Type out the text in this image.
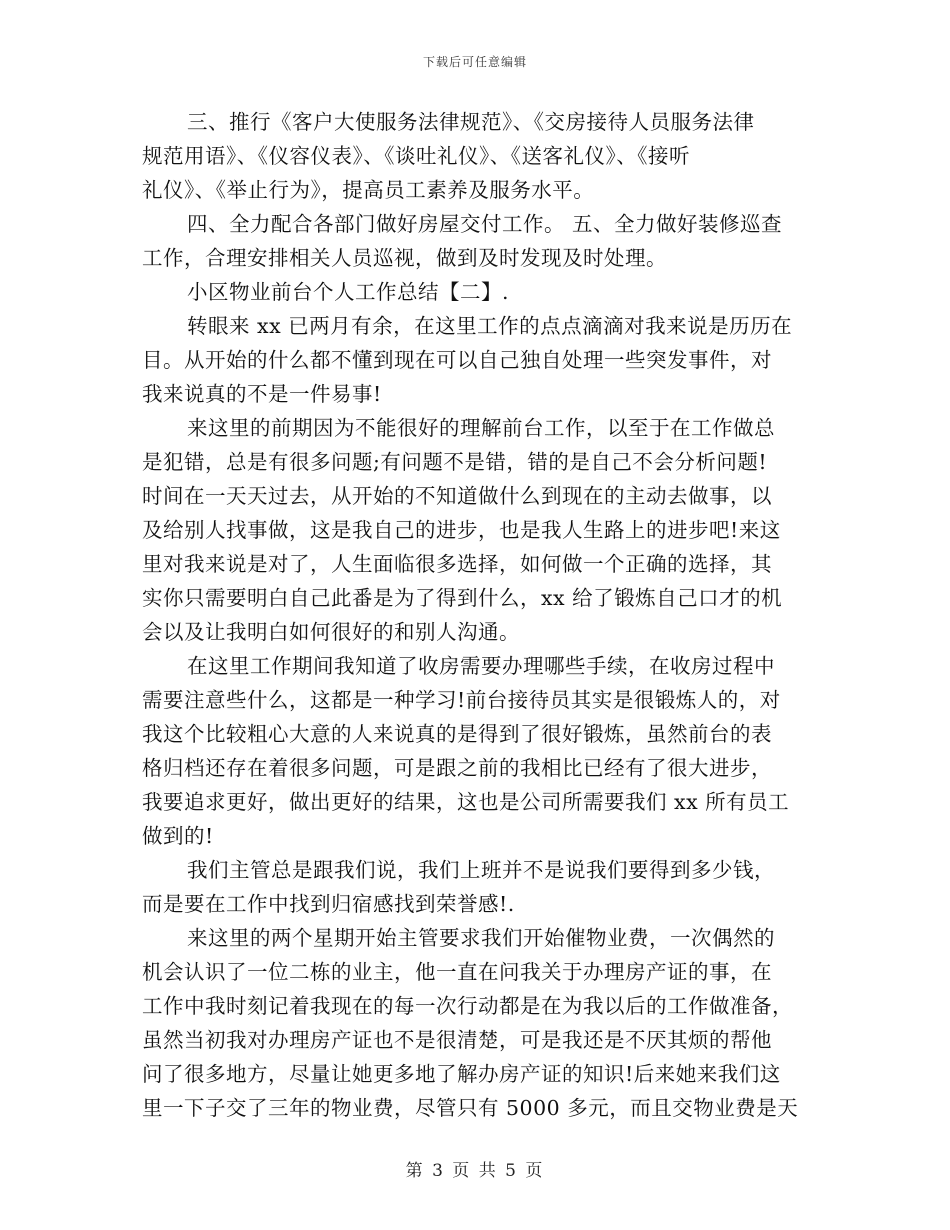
下载后可任意编辑
三、推行《客户大使服务法律规范》、《交房接待人员服务法律
规范用语》、《仪容仪表》、《谈吐礼仪》、《送客礼仪》、《接听
礼仪》、《举止行为》，提高员工素养及服务水平。
四、全力配合各部门做好房屋交付工作。 五、全力做好装修巡查
工作，合理安排相关人员巡视，做到及时发现及时处理。
小区物业前台个人工作总结【二】.
转眼来 xx 已两月有余，在这里工作的点点滴滴对我来说是历历在
目。从开始的什么都不懂到现在可以自己独自处理一些突发事件，对
我来说真的不是一件易事!
来这里的前期因为不能很好的理解前台工作，以至于在工作做总
是犯错，总是有很多问题;有问题不是错，错的是自己不会分析问题!
时间在一天天过去，从开始的不知道做什么到现在的主动去做事，以
及给别人找事做，这是我自己的进步，也是我人生路上的进步吧!来这
里对我来说是对了，人生面临很多选择，如何做一个正确的选择，其
实你只需要明白自己此番是为了得到什么，xx 给了锻炼自己口才的机
会以及让我明白如何很好的和别人沟通。
在这里工作期间我知道了收房需要办理哪些手续，在收房过程中
需要注意些什么，这都是一种学习!前台接待员其实是很锻炼人的，对
我这个比较粗心大意的人来说真的是得到了很好锻炼，虽然前台的表
格归档还存在着很多问题，可是跟之前的我相比已经有了很大进步，
我要追求更好，做出更好的结果，这也是公司所需要我们 xx 所有员工
做到的!
我们主管总是跟我们说，我们上班并不是说我们要得到多少钱，
而是要在工作中找到归宿感找到荣誉感!.
来这里的两个星期开始主管要求我们开始催物业费，一次偶然的
机会认识了一位二栋的业主，他一直在问我关于办理房产证的事，在
工作中我时刻记着我现在的每一次行动都是在为我以后的工作做准备，
虽然当初我对办理房产证也不是很清楚，可是我还是不厌其烦的帮他
问了很多地方，尽量让她更多地了解办房产证的知识!后来她来我们这
里一下子交了三年的物业费，尽管只有 5000 多元，而且交物业费是天
第 3 页 共 5 页
